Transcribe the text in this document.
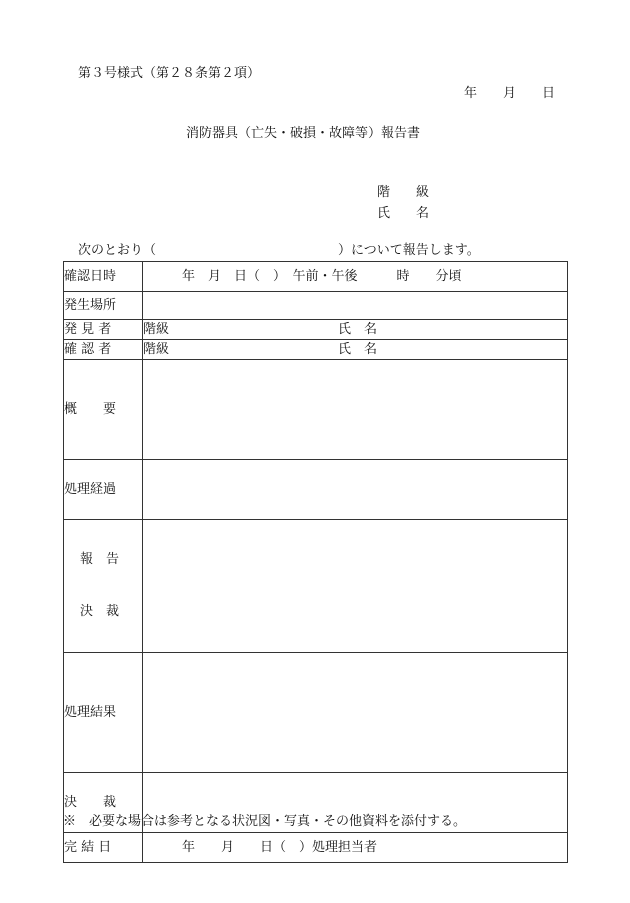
第３号様式（第２８条第２項）
年　　月　　日
消防器具（亡失・破損・故障等）報告書
階　　級
氏　　名
次のとおり（　　　　　　　　　　　　　　）について報告します。
確認日時	　　　年　月　日（　）　午前・午後　　　時　　分頃
発生場所	
発 見 者	階級　　　　　　　　　　　　　氏　名
確 認 者	階級　　　　　　　　　　　　　氏　名
概　　要	
処理経過	

報　告

決　裁	

処理結果	
決　　裁	
完 結 日	　　　年　　月　　日（　）処理担当者
※　必要な場合は参考となる状況図・写真・その他資料を添付する。
